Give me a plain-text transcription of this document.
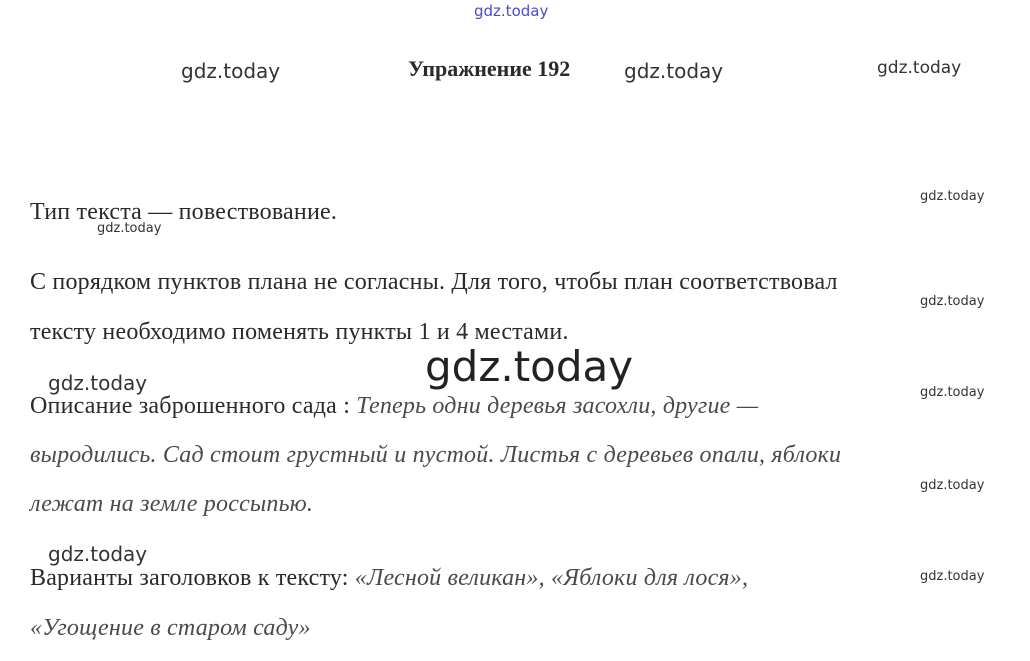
gdz.today
gdz.today	gdz.today	gdz.today
gdz.today
gdz.today
gdz.today
gdz.today
gdz.today	gdz.today
gdz.today
gdz.today
gdz.today
Упражнение 192
Тип текста — повествование.
С порядком пунктов плана не согласны. Для того, чтобы план соответствовал
тексту необходимо поменять пункты 1 и 4 местами.
Описание заброшенного сада : Теперь одни деревья засохли, другие —
выродились. Сад стоит грустный и пустой. Листья с деревьев опали, яблоки
лежат на земле россыпью.
Варианты заголовков к тексту: «Лесной великан», «Яблоки для лося»,
«Угощение в старом саду»
